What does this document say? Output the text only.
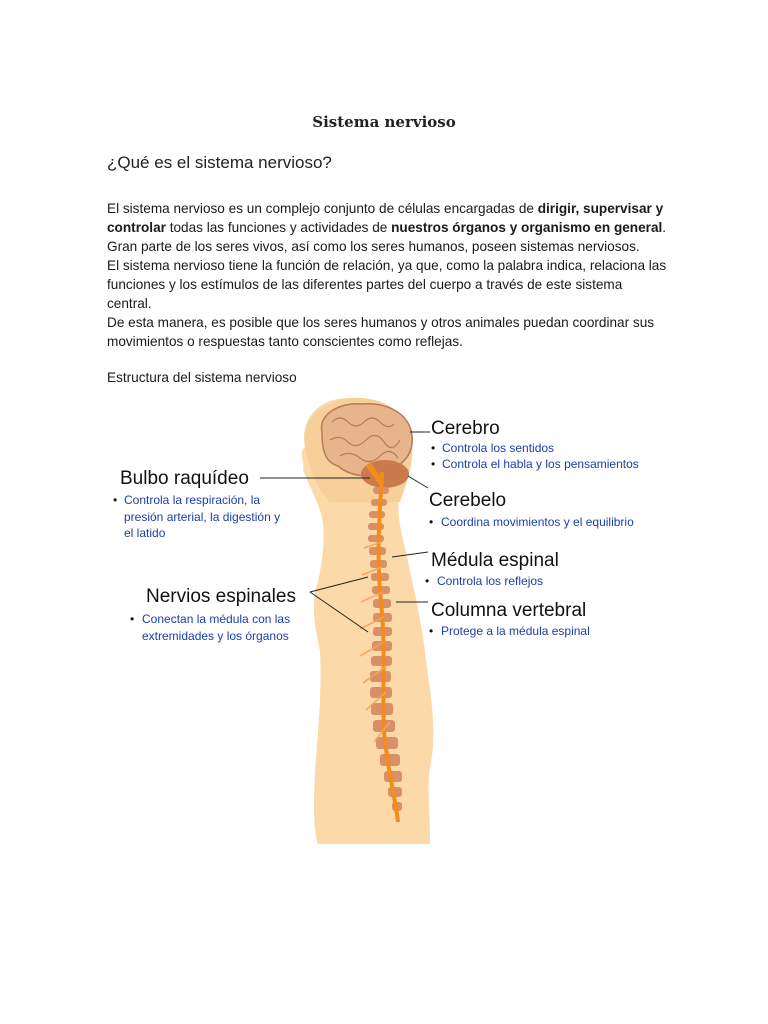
Sistema nervioso
¿Qué es el sistema nervioso?

El sistema nervioso es un complejo conjunto de células encargadas de dirigir, supervisar y controlar todas las funciones y actividades de nuestros órganos y organismo en general.

Gran parte de los seres vivos, así como los seres humanos, poseen sistemas nerviosos.

El sistema nervioso tiene la función de relación, ya que, como la palabra indica, relaciona las funciones y los estímulos de las diferentes partes del cuerpo a través de este sistema central.

De esta manera, es posible que los seres humanos y otros animales puedan coordinar sus movimientos o respuestas tanto conscientes como reflejas.

Estructura del sistema nervioso
Cerebro
• Controla los sentidos
• Controla el habla y los pensamientos
Cerebelo
• Coordina movimientos y el equilibrio
Médula espinal
• Controla los reflejos
Columna vertebral
• Protege a la médula espinal
Bulbo raquídeo
• Controla la respiración, la
presión arterial, la digestión y
el latido
Nervios espinales
• Conectan la médula con las
extremidades y los órganos
